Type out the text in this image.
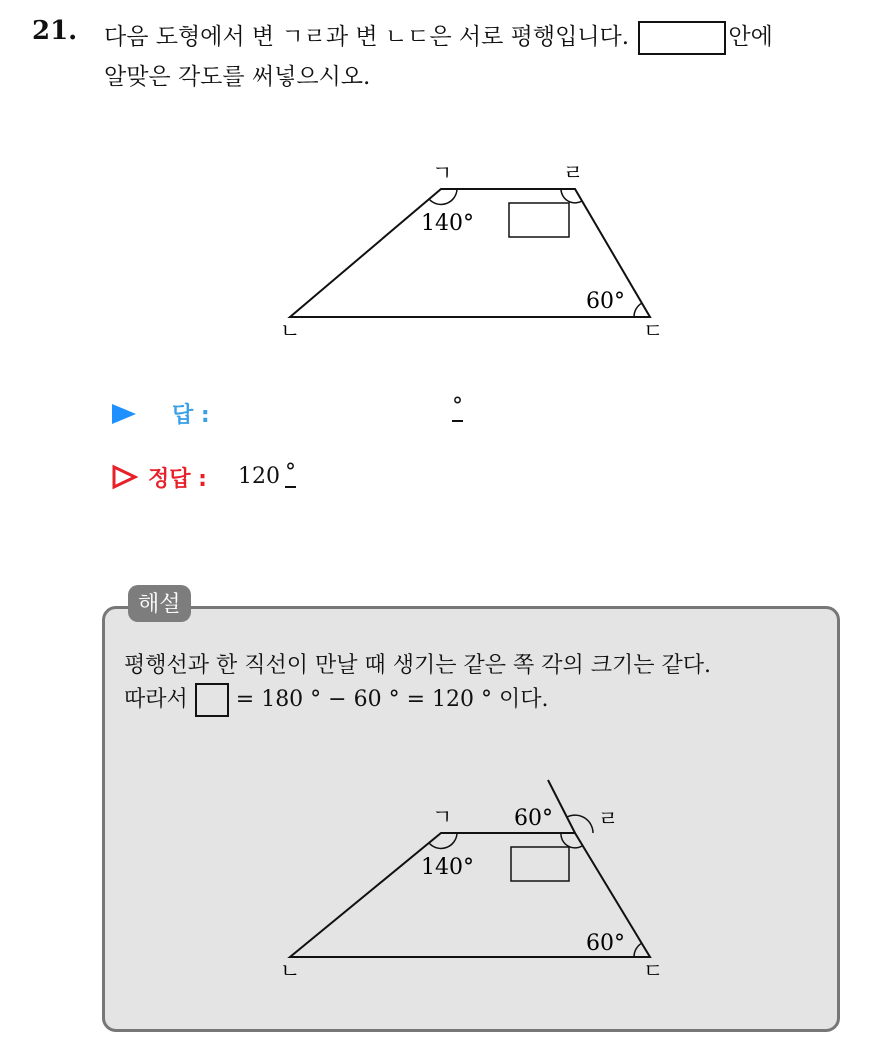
21. 다음 도형에서 변 ㄱㄹ과 변 ㄴㄷ은 서로 평행입니다.	안에
알맞은 각도를 써넣으시오.
ㄱ	ㄹ
ㄴ	ㄷ
140°
60°
답 :	°
정답 : 120 °
해설
평행선과 한 직선이 만날 때 생기는 같은 쪽 각의 크기는 같다.
따라서 = 180 ° − 60 ° = 120 ° 이다.
ㄱ	ㄹ
ㄴ	ㄷ
140°
60°
60°
